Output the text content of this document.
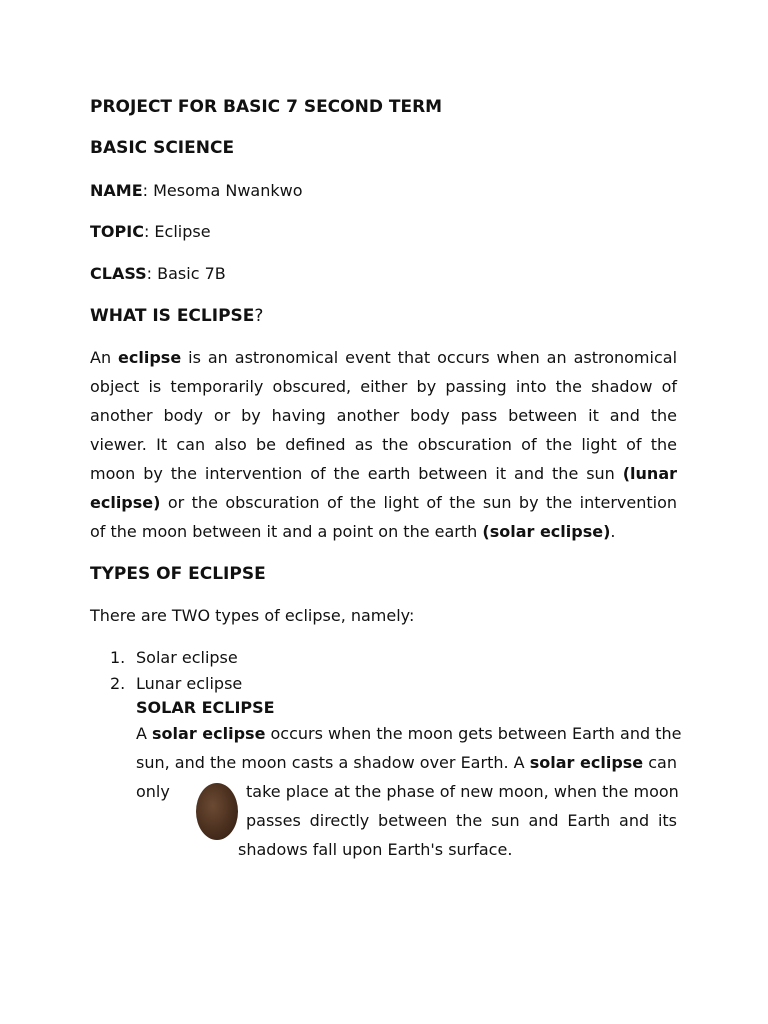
PROJECT FOR BASIC 7 SECOND TERM
BASIC SCIENCE
NAME: Mesoma Nwankwo
TOPIC: Eclipse
CLASS: Basic 7B
WHAT IS ECLIPSE?
An eclipse is an astronomical event that occurs when an astronomical
object is temporarily obscured, either by passing into the shadow of
another body or by having another body pass between it and the
viewer. It can also be defined as the obscuration of the light of the
moon by the intervention of the earth between it and the sun (lunar
eclipse) or the obscuration of the light of the sun by the intervention
of the moon between it and a point on the earth (solar eclipse).
TYPES OF ECLIPSE
There are TWO types of eclipse, namely:
1. Solar eclipse
2. Lunar eclipse
SOLAR ECLIPSE
A solar eclipse occurs when the moon gets between Earth and the
sun, and the moon casts a shadow over Earth. A solar eclipse can
only	take place at the phase of new moon, when the moon
passes directly between the sun and Earth and its
shadows fall upon Earth's surface.
